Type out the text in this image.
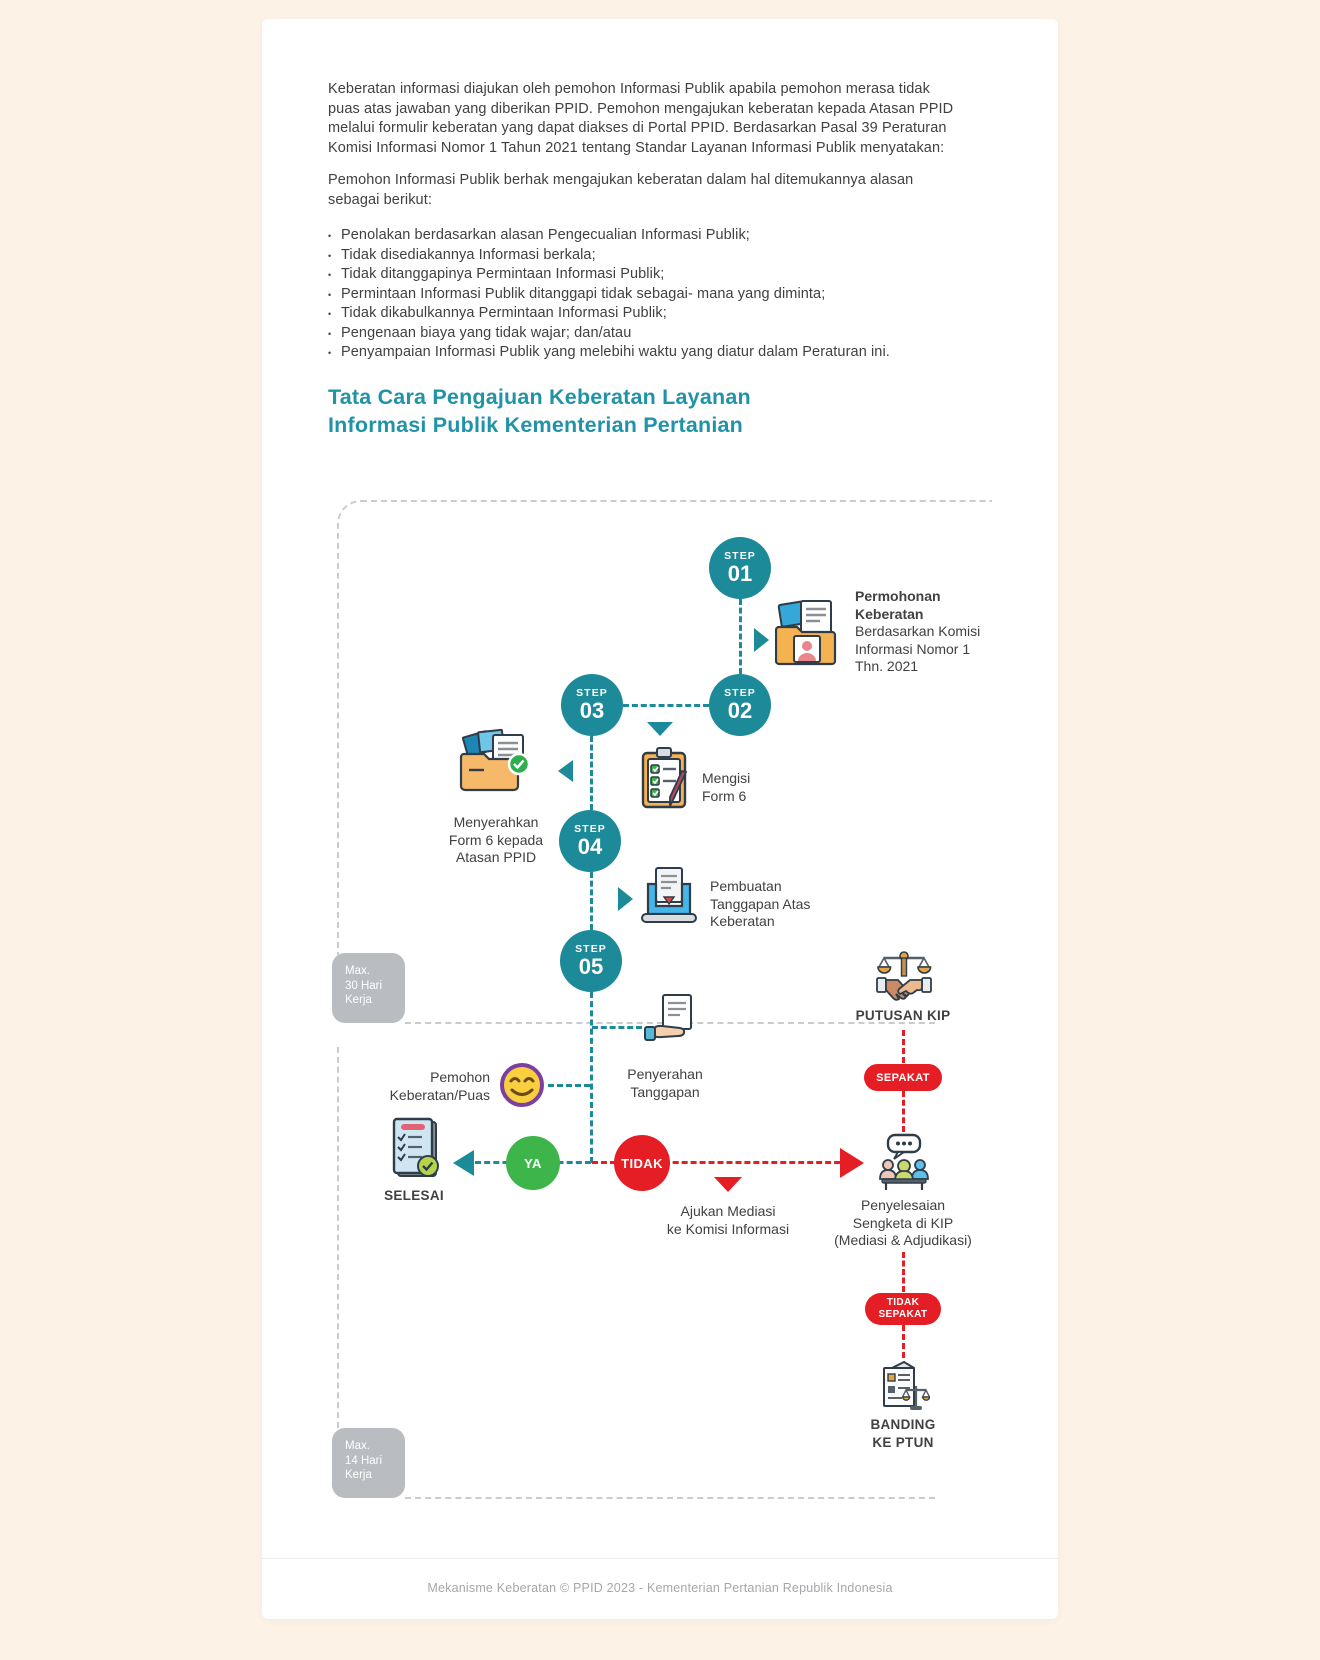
Keberatan informasi diajukan oleh pemohon Informasi Publik apabila pemohon merasa tidak puas atas jawaban yang diberikan PPID. Pemohon mengajukan keberatan kepada Atasan PPID melalui formulir keberatan yang dapat diakses di Portal PPID. Berdasarkan Pasal 39 Peraturan Komisi Informasi Nomor 1 Tahun 2021 tentang Standar Layanan Informasi Publik menyatakan:
Pemohon Informasi Publik berhak mengajukan keberatan dalam hal ditemukannya alasan sebagai berikut:
• Penolakan berdasarkan alasan Pengecualian Informasi Publik;
• Tidak disediakannya Informasi berkala;
• Tidak ditanggapinya Permintaan Informasi Publik;
• Permintaan Informasi Publik ditanggapi tidak sebagai- mana yang diminta;
• Tidak dikabulkannya Permintaan Informasi Publik;
• Pengenaan biaya yang tidak wajar; dan/atau
• Penyampaian Informasi Publik yang melebihi waktu yang diatur dalam Peraturan ini.
Tata Cara Pengajuan Keberatan Layanan
Informasi Publik Kementerian Pertanian
Max.
30 Hari
Kerja
Max.
14 Hari
Kerja
STEP
01
STEP
02
STEP
03
STEP
04
STEP
05
Permohonan
Keberatan
Berdasarkan Komisi
Informasi Nomor 1
Thn. 2021
Mengisi
Form 6
Menyerahkan
Form 6 kepada
Atasan PPID
Pembuatan
Tanggapan Atas
Keberatan
Penyerahan
Tanggapan
Pemohon
Keberatan/Puas
SELESAI
YA	TIDAK
Ajukan Mediasi
ke Komisi Informasi
PUTUSAN KIP
SEPAKAT
Penyelesaian
Sengketa di KIP
(Mediasi & Adjudikasi)
TIDAK
SEPAKAT
BANDING
KE PTUN
Mekanisme Keberatan © PPID 2023 - Kementerian Pertanian Republik Indonesia
